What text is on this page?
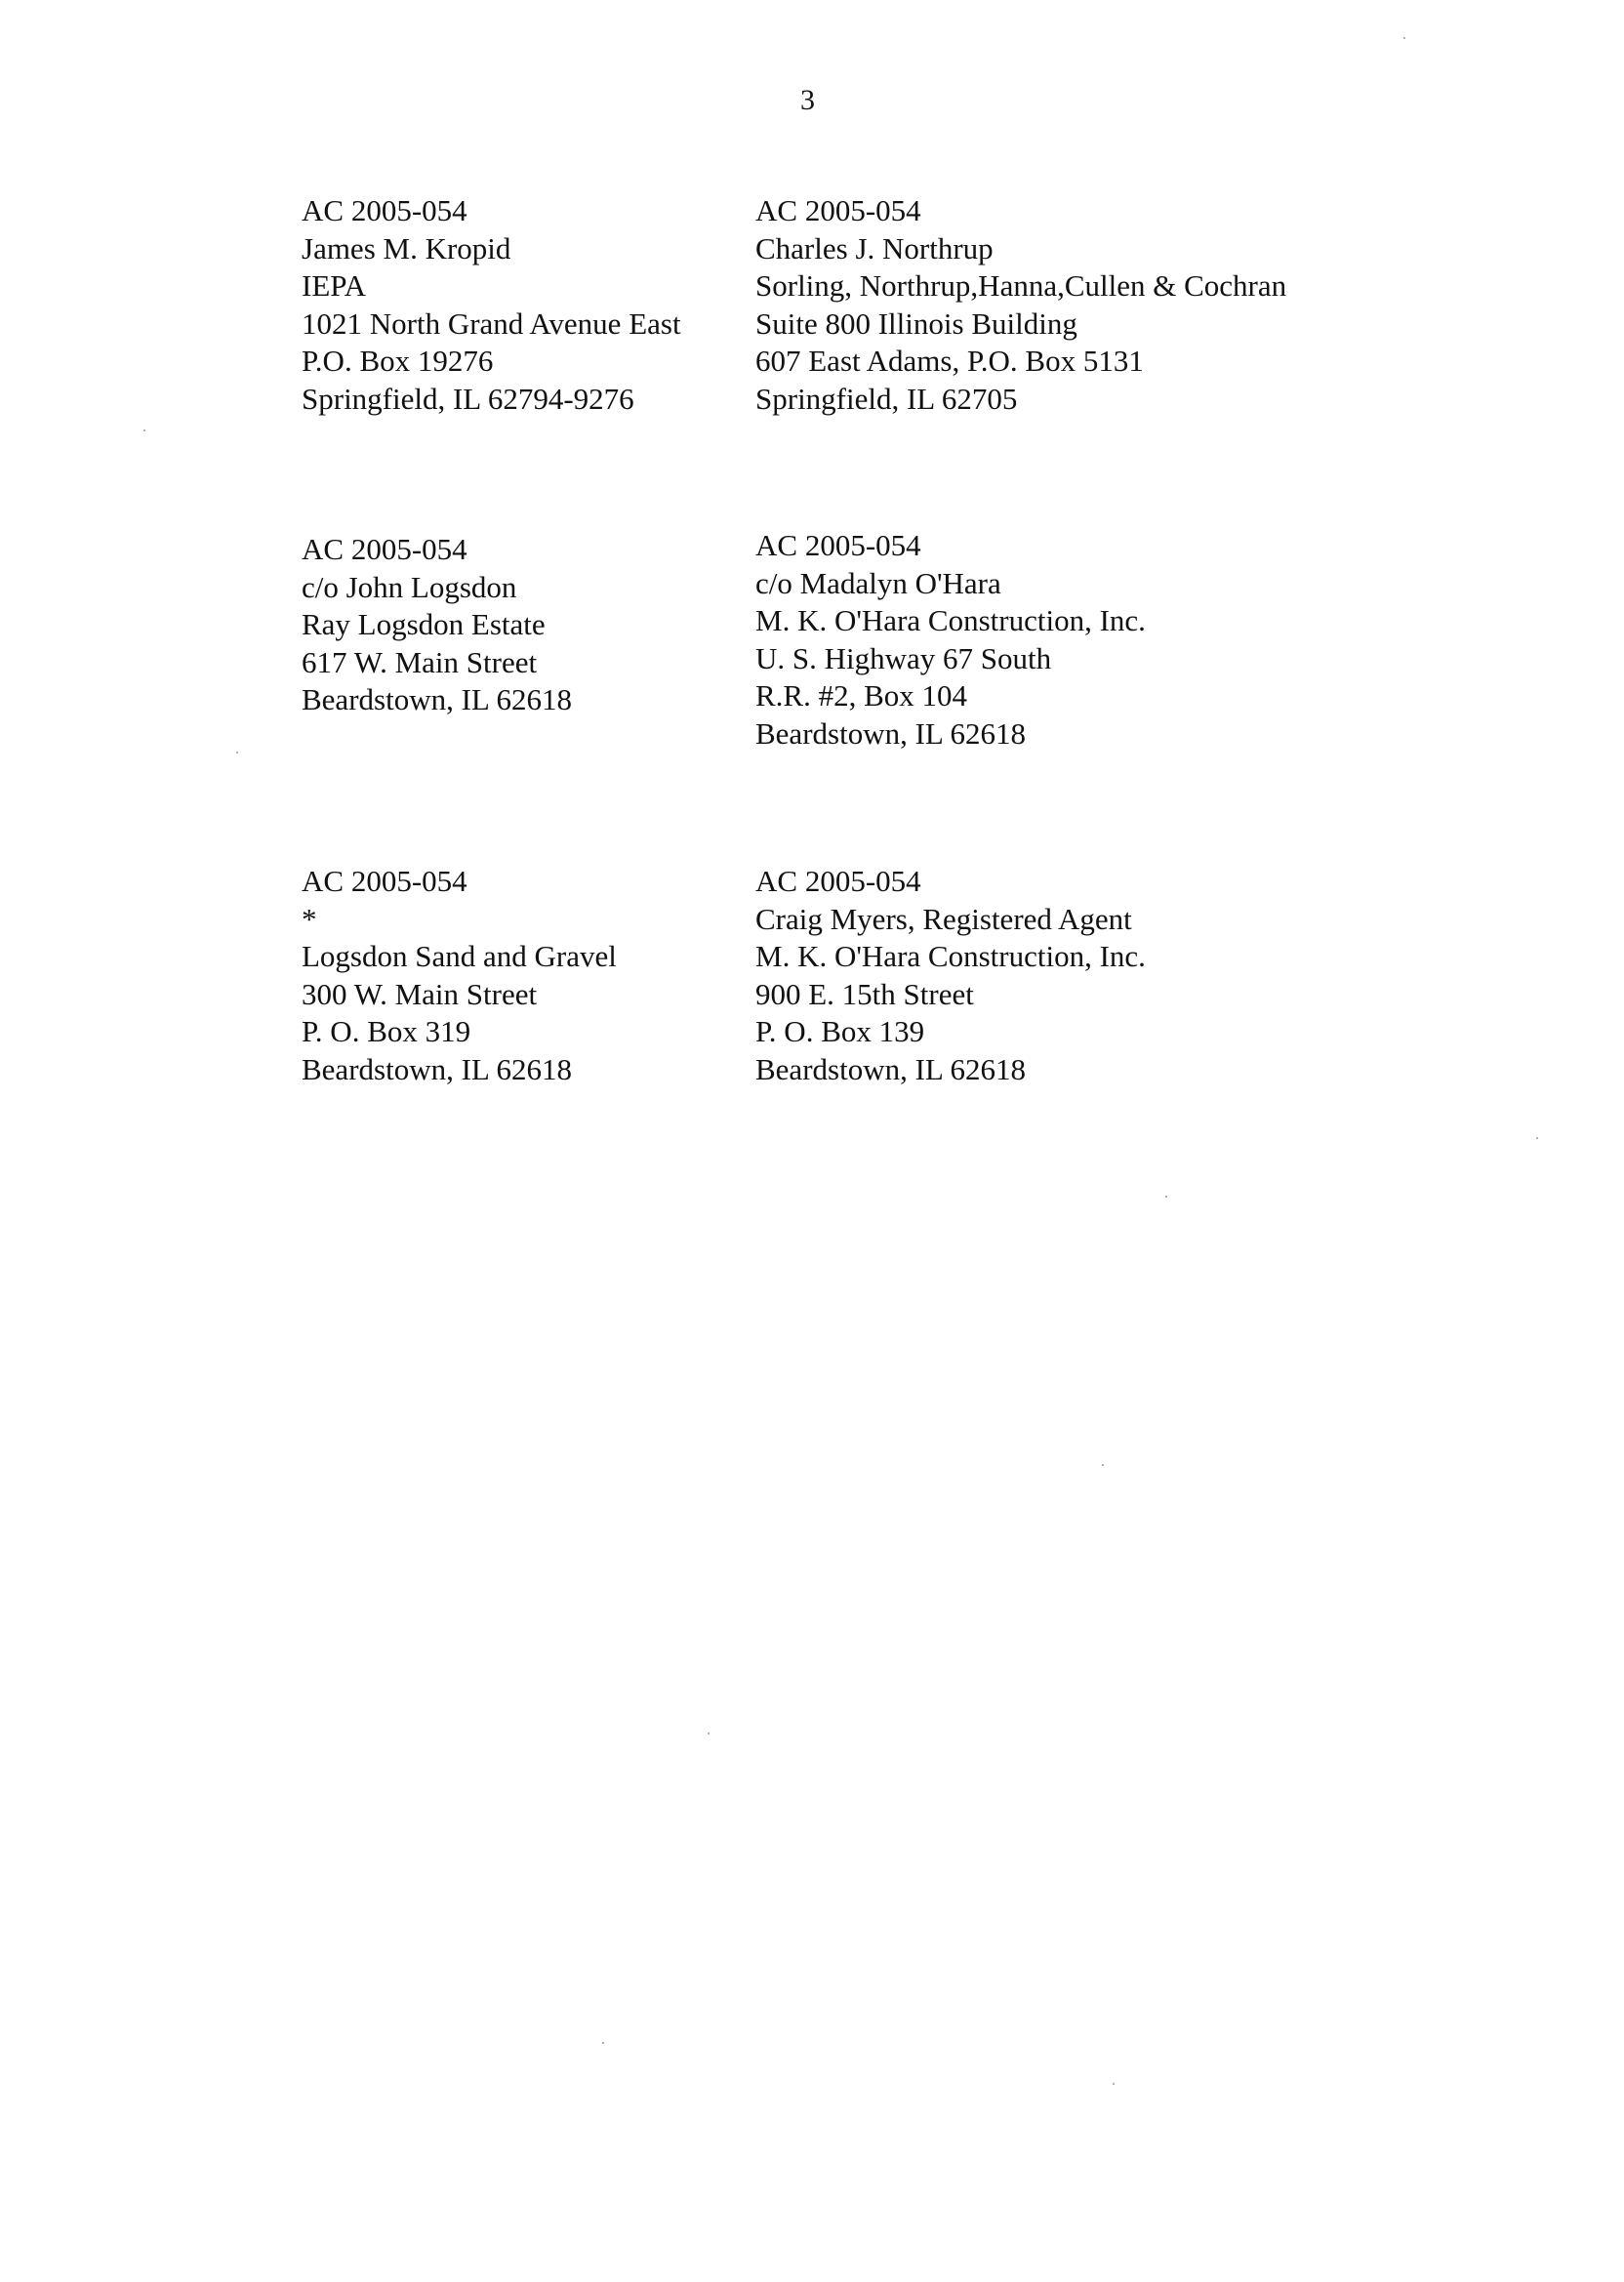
3
AC 2005-054
James M. Kropid
IEPA
1021 North Grand Avenue East
P.O. Box 19276
Springfield, IL 62794-9276
AC 2005-054
Charles J. Northrup
Sorling, Northrup,Hanna,Cullen & Cochran
Suite 800 Illinois Building
607 East Adams, P.O. Box 5131
Springfield, IL 62705
AC 2005-054
c/o John Logsdon
Ray Logsdon Estate
617 W. Main Street
Beardstown, IL 62618
AC 2005-054
c/o Madalyn O'Hara
M. K. O'Hara Construction, Inc.
U. S. Highway 67 South
R.R. #2, Box 104
Beardstown, IL 62618
AC 2005-054
*
Logsdon Sand and Gravel
300 W. Main Street
P. O. Box 319
Beardstown, IL 62618
AC 2005-054
Craig Myers, Registered Agent
M. K. O'Hara Construction, Inc.
900 E. 15th Street
P. O. Box 139
Beardstown, IL 62618
